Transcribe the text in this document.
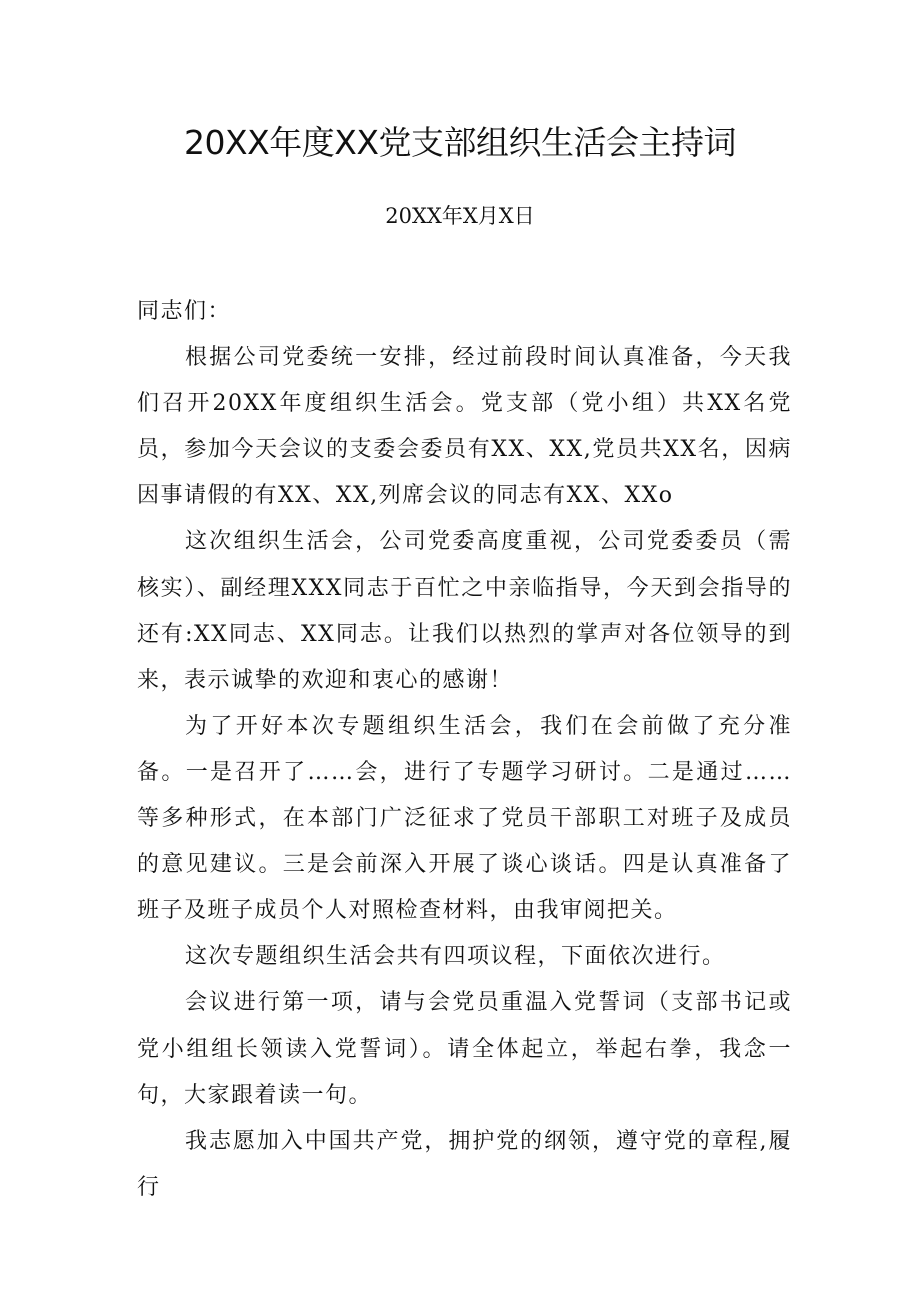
20XX年度XX党支部组织生活会主持词
20XX年X月X日

同志们：

根据公司党委统一安排，经过前段时间认真准备，今天我们召开20XX年度组织生活会。党支部（党小组）共XX名党员，参加今天会议的支委会委员有XX、XX,党员共XX名，因病因事请假的有XX、XX,列席会议的同志有XX、XXo

这次组织生活会，公司党委高度重视，公司党委委员（需核实）、副经理XXX同志于百忙之中亲临指导，今天到会指导的还有:XX同志、XX同志。让我们以热烈的掌声对各位领导的到来，表示诚挚的欢迎和衷心的感谢！

为了开好本次专题组织生活会，我们在会前做了充分准备。一是召开了……会，进行了专题学习研讨。二是通过……等多种形式，在本部门广泛征求了党员干部职工对班子及成员的意见建议。三是会前深入开展了谈心谈话。四是认真准备了班子及班子成员个人对照检查材料，由我审阅把关。

这次专题组织生活会共有四项议程，下面依次进行。

会议进行第一项，请与会党员重温入党誓词（支部书记或党小组组长领读入党誓词）。请全体起立，举起右拳，我念一句，大家跟着读一句。

我志愿加入中国共产党，拥护党的纲领，遵守党的章程,履行
